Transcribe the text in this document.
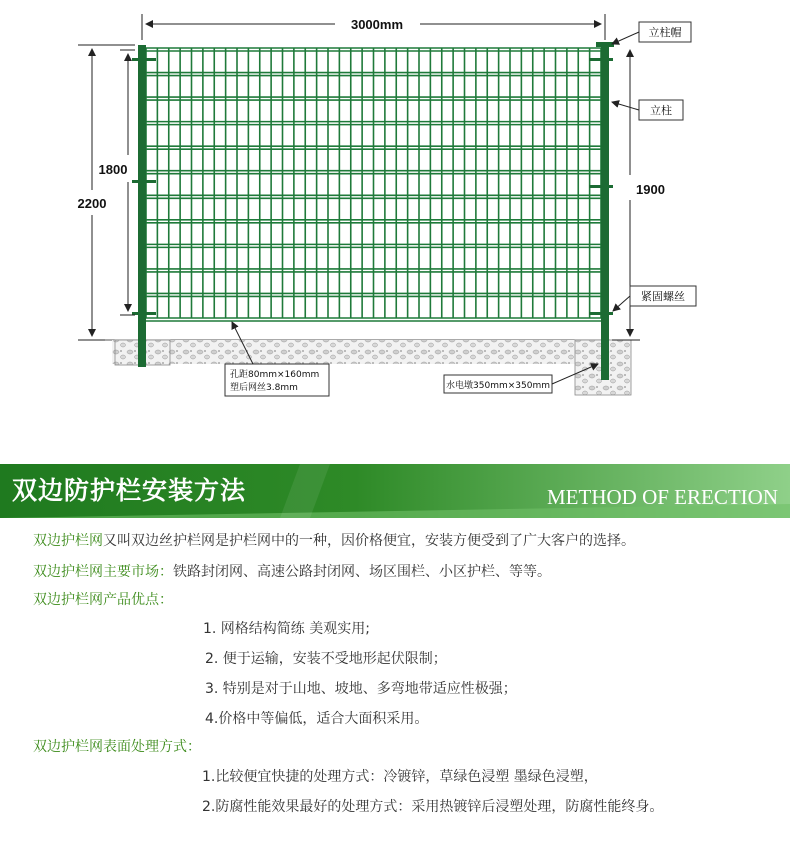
3000mm
2200
1800
1900
立柱帽
立柱
紧固螺丝
水电墩350mm×350mm
孔距80mm×160mm
塑后网丝3.8mm
双边防护栏安装方法	METHOD OF ERECTION
双边护栏网又叫双边丝护栏网是护栏网中的一种，因价格便宜，安装方便受到了广大客户的选择。
双边护栏网主要市场：铁路封闭网、高速公路封闭网、场区围栏、小区护栏、等等。
双边护栏网产品优点：
1. 网格结构简练 美观实用;
2. 便于运输，安装不受地形起伏限制；
3. 特别是对于山地、坡地、多弯地带适应性极强；
4.价格中等偏低，适合大面积采用。
双边护栏网表面处理方式：
1.比较便宜快捷的处理方式：冷镀锌，草绿色浸塑 墨绿色浸塑，
2.防腐性能效果最好的处理方式：采用热镀锌后浸塑处理，防腐性能终身。
